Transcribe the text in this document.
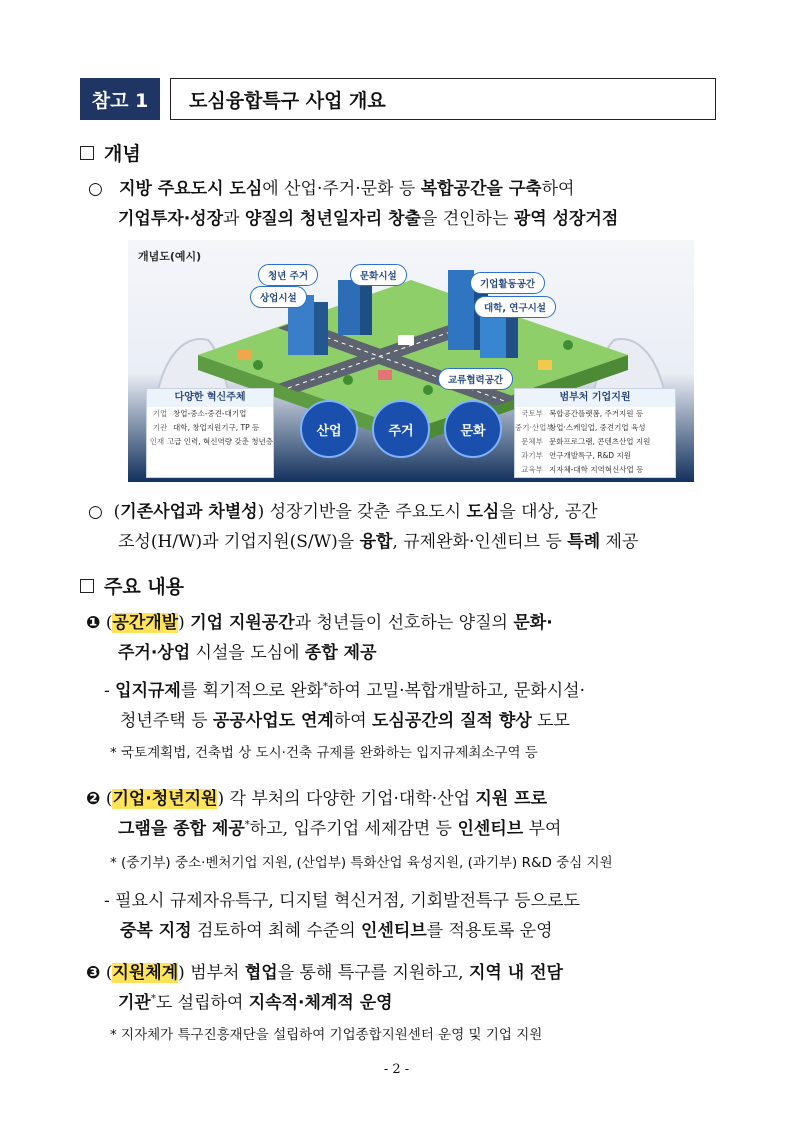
참고 1	도심융합특구 사업 개요
개념
○ 지방 주요도시 도심에 산업·주거·문화 등 복합공간을 구축하여
기업투자·성장과 양질의 청년일자리 창출을 견인하는 광역 성장거점
개념도(예시)
청년 주거
상업시설
문화시설
기업활동공간
대학, 연구시설
교류협력공간
다양한 혁신주체
기업 창업-중소-중견-대기업
기관 대학, 창업지원기구, TP 등
인재 고급 인력, 혁신역량 갖춘 청년층
산업	주거	문화
범부처 기업지원
국토부 복합공간플랫폼, 주거지원 등
중기·산업부
창업·스케일업, 중견기업 육성
문체부 문화프로그램, 콘텐츠산업 지원
과기부 연구개발특구, R&D 지원
교육부 지자체-대학 지역혁신사업 등
○ (기존사업과 차별성) 성장기반을 갖춘 주요도시 도심을 대상, 공간
조성(H/W)과 기업지원(S/W)을 융합, 규제완화·인센티브 등 특례 제공
주요 내용
❶ (공간개발) 기업 지원공간과 청년들이 선호하는 양질의 문화·
주거·상업 시설을 도심에 종합 제공
- 입지규제를 획기적으로 완화*하여 고밀·복합개발하고, 문화시설·
청년주택 등 공공사업도 연계하여 도심공간의 질적 향상 도모
* 국토계획법, 건축법 상 도시·건축 규제를 완화하는 입지규제최소구역 등
❷ (기업·청년지원) 각 부처의 다양한 기업·대학·산업 지원 프로
그램을 종합 제공*하고, 입주기업 세제감면 등 인센티브 부여
* (중기부) 중소·벤처기업 지원, (산업부) 특화산업 육성지원, (과기부) R&D 중심 지원
- 필요시 규제자유특구, 디지털 혁신거점, 기회발전특구 등으로도
중복 지정 검토하여 최혜 수준의 인센티브를 적용토록 운영
❸ (지원체계) 범부처 협업을 통해 특구를 지원하고, 지역 내 전담
기관*도 설립하여 지속적·체계적 운영
* 지자체가 특구진흥재단을 설립하여 기업종합지원센터 운영 및 기업 지원
- 2 -
